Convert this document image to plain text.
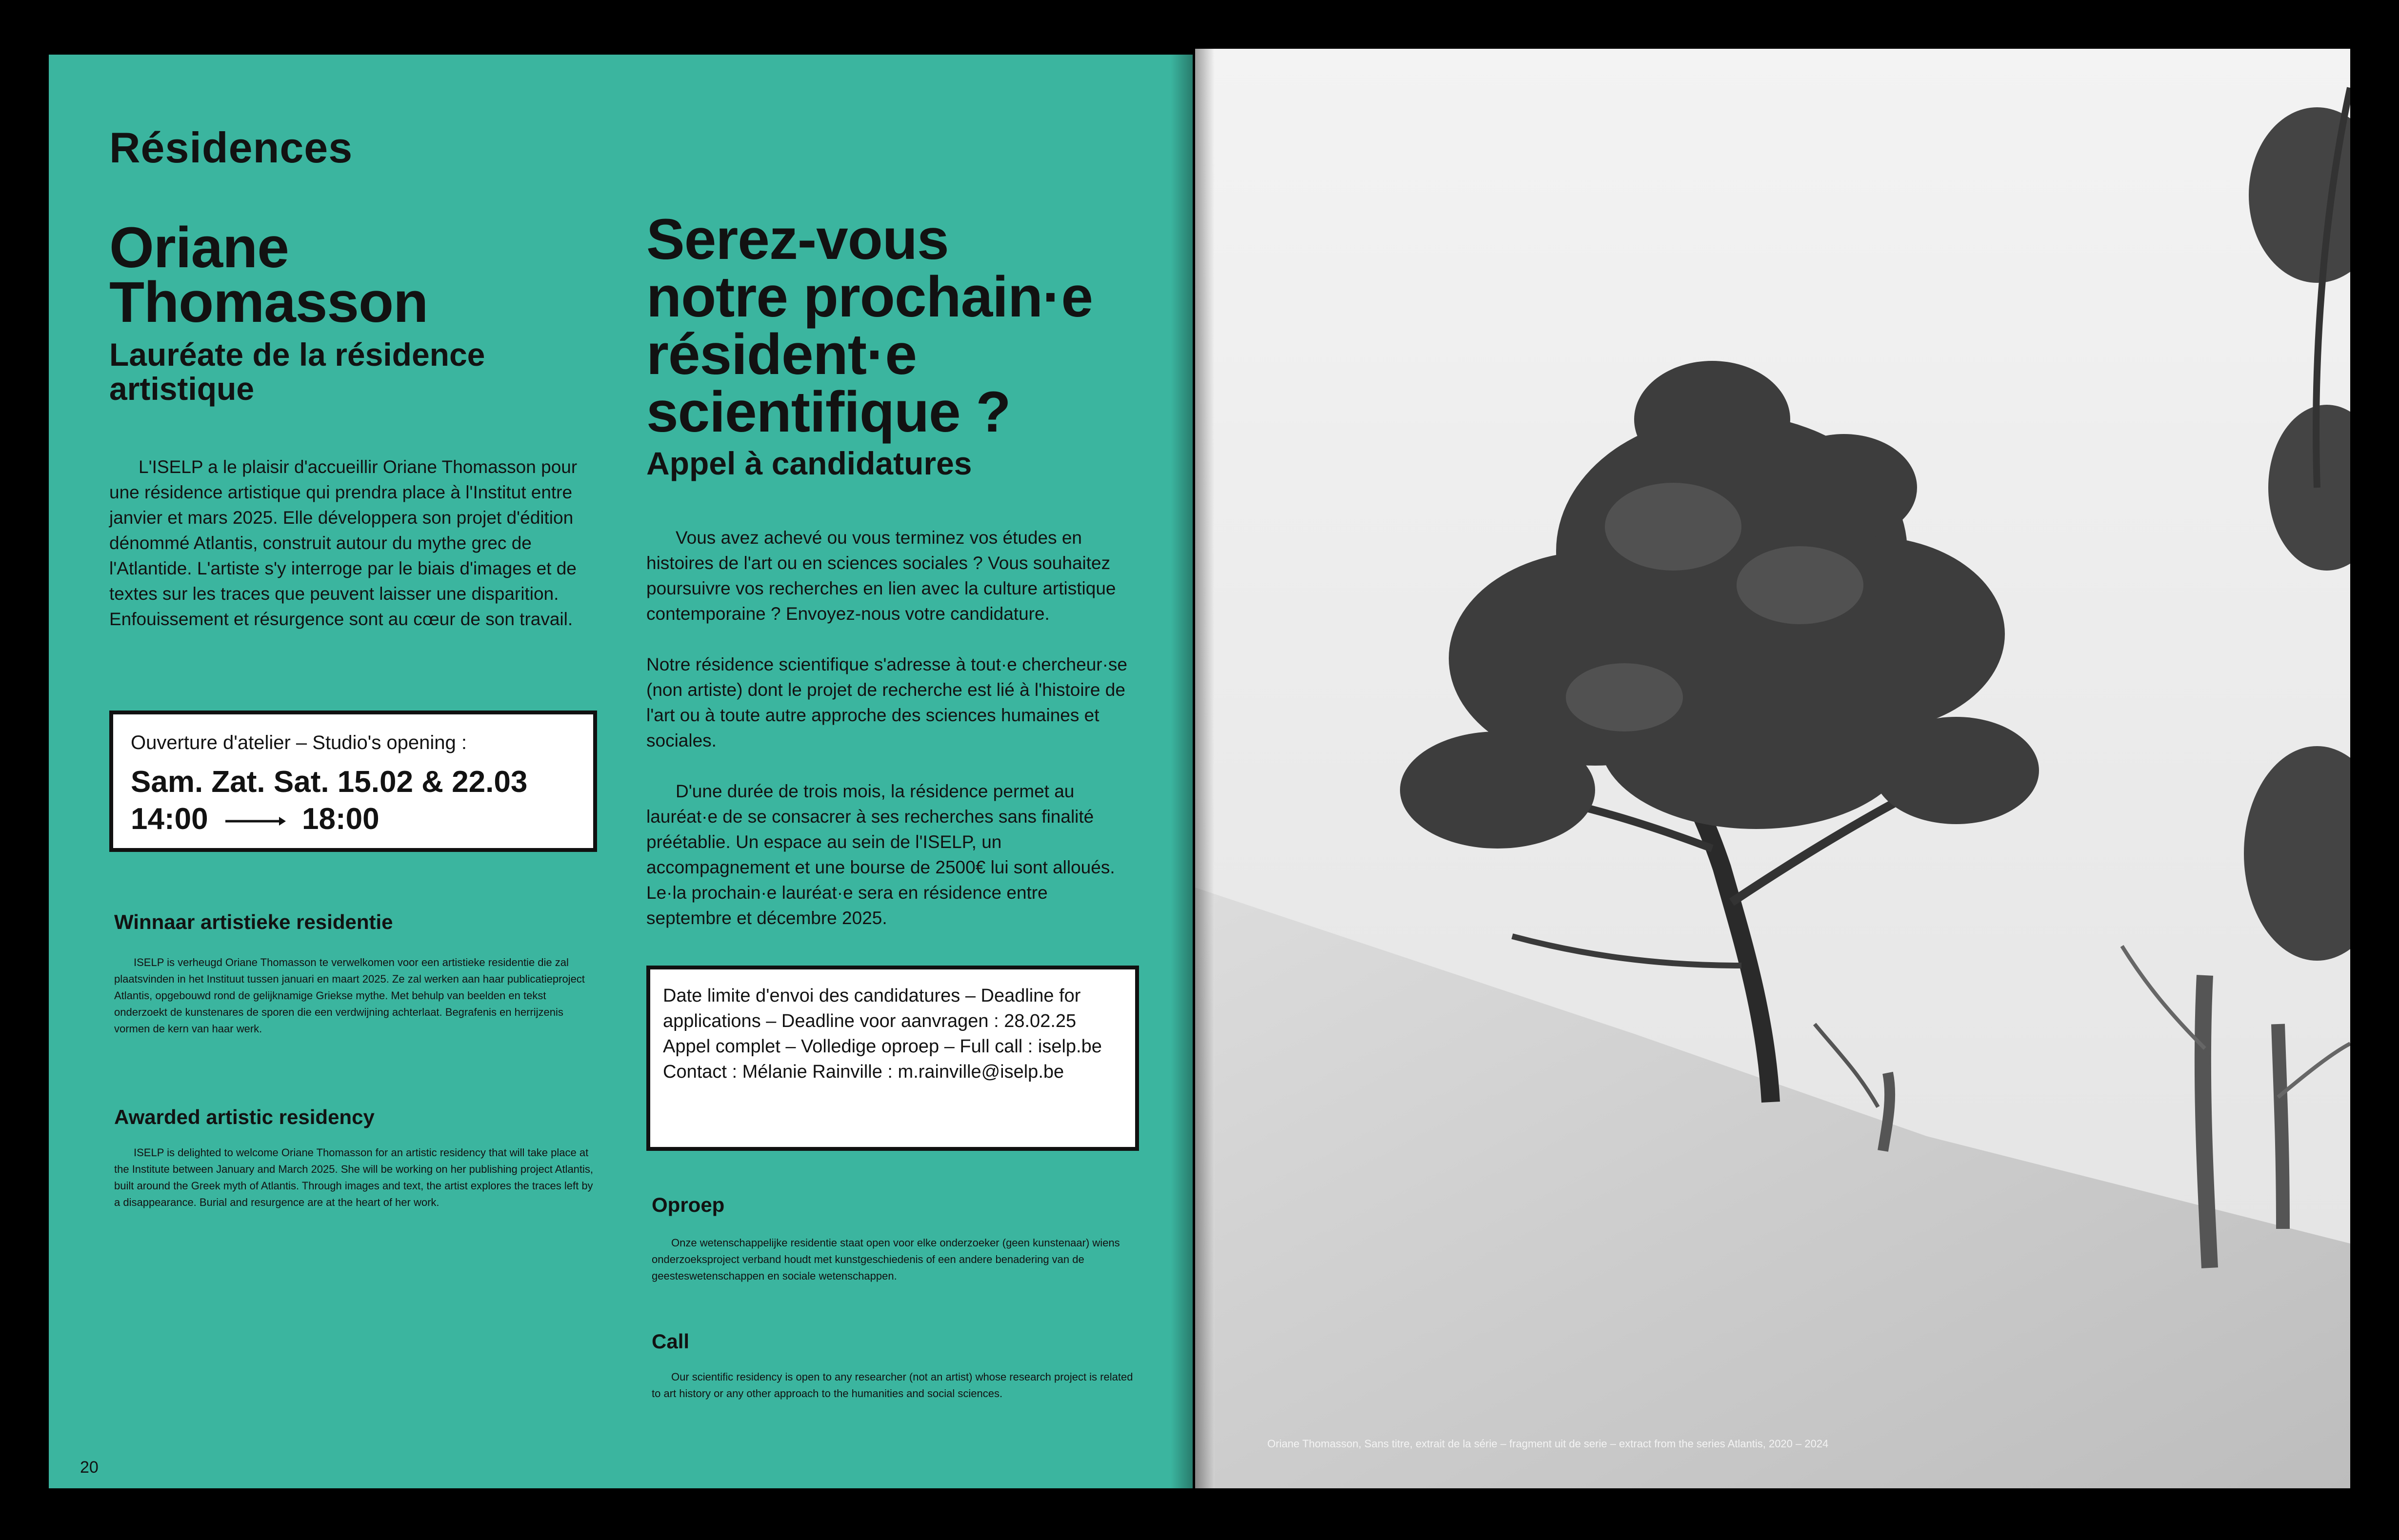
Résidences
Oriane
Thomasson
Lauréate de la résidence artistique

L'ISELP a le plaisir d'accueillir Oriane Thomasson pour une résidence artistique qui prendra place à l'Institut entre janvier et mars 2025. Elle développera son projet d'édition dénommé Atlantis, construit autour du mythe grec de l'Atlantide. L'artiste s'y interroge par le biais d'images et de textes sur les traces que peuvent laisser une disparition. Enfouissement et résurgence sont au cœur de son travail.

Ouverture d'atelier – Studio's opening :
Sam. Zat. Sat. 15.02 & 22.03
14:00	18:00
Winnaar artistieke residentie

ISELP is verheugd Oriane Thomasson te verwelkomen voor een artistieke residentie die zal plaatsvinden in het Instituut tussen januari en maart 2025. Ze zal werken aan haar publicatieproject Atlantis, opgebouwd rond de gelijknamige Griekse mythe. Met behulp van beelden en tekst onderzoekt de kunstenares de sporen die een verdwijning achterlaat. Begrafenis en herrijzenis vormen de kern van haar werk.

Awarded artistic residency

ISELP is delighted to welcome Oriane Thomasson for an artistic residency that will take place at the Institute between January and March 2025. She will be working on her publishing project Atlantis, built around the Greek myth of Atlantis. Through images and text, the artist explores the traces left by a disappearance. Burial and resurgence are at the heart of her work.

Serez-vous
notre prochain·e
résident·e
scientifique ?
Appel à candidatures

Vous avez achevé ou vous terminez vos études en histoires de l'art ou en sciences sociales ? Vous souhaitez poursuivre vos recherches en lien avec la culture artistique contemporaine ? Envoyez-nous votre candidature.

Notre résidence scientifique s'adresse à tout·e chercheur·se (non artiste) dont le projet de recherche est lié à l'histoire de l'art ou à toute autre approche des sciences humaines et sociales.

D'une durée de trois mois, la résidence permet au lauréat·e de se consacrer à ses recherches sans finalité préétablie. Un espace au sein de l'ISELP, un accompagnement et une bourse de 2500€ lui sont alloués. Le·la prochain·e lauréat·e sera en résidence entre septembre et décembre 2025.

Date limite d'envoi des candidatures – Deadline for applications – Deadline voor aanvragen : 28.02.25
Appel complet – Volledige oproep – Full call : iselp.be
Contact : Mélanie Rainville : m.rainville@iselp.be
Oproep

Onze wetenschappelijke residentie staat open voor elke onderzoeker (geen kunstenaar) wiens onderzoeksproject verband houdt met kunstgeschiedenis of een andere benadering van de geesteswetenschappen en sociale wetenschappen.

Call

Our scientific residency is open to any researcher (not an artist) whose research project is related to art history or any other approach to the humanities and social sciences.

20
Oriane Thomasson, Sans titre, extrait de la série – fragment uit de serie – extract from the series Atlantis, 2020 – 2024
